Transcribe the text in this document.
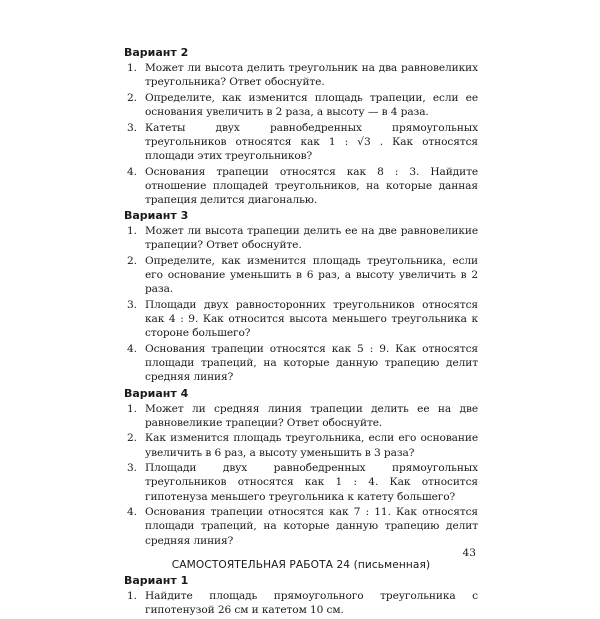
Вариант 2
1. Может ли высота делить треугольник на два равновеликих треугольника? Ответ обоснуйте.
2. Определите, как изменится площадь трапеции, если ее основания увеличить в 2 раза, а высоту — в 4 раза.
3. Катеты двух равнобедренных прямоугольных треугольников относятся как 1 : √3 . Как относятся площади этих треугольников?
4. Основания трапеции относятся как 8 : 3. Найдите отношение площадей треугольников, на которые данная трапеция делится диагональю.
Вариант 3
1. Может ли высота трапеции делить ее на две равновеликие трапеции? Ответ обоснуйте.
2. Определите, как изменится площадь треугольника, если его основание уменьшить в 6 раз, а высоту увеличить в 2 раза.
3. Площади двух равносторонних треугольников относятся как 4 : 9. Как относится высота меньшего треугольника к стороне большего?
4. Основания трапеции относятся как 5 : 9. Как относятся площади трапеций, на которые данную трапецию делит средняя линия?
Вариант 4
1. Может ли средняя линия трапеции делить ее на две равновеликие трапеции? Ответ обоснуйте.
2. Как изменится площадь треугольника, если его основание увеличить в 6 раз, а высоту уменьшить в 3 раза?
3. Площади двух равнобедренных прямоугольных треугольников относятся как 1 : 4. Как относится гипотенуза меньшего треугольника к катету большего?
4. Основания трапеции относятся как 7 : 11. Как относятся площади трапеций, на которые данную трапецию делит средняя линия?
САМОСТОЯТЕЛЬНАЯ РАБОТА 24 (письменная)
Вариант 1
1. Найдите площадь прямоугольного треугольника с гипотенузой 26 см и катетом 10 см.
43
